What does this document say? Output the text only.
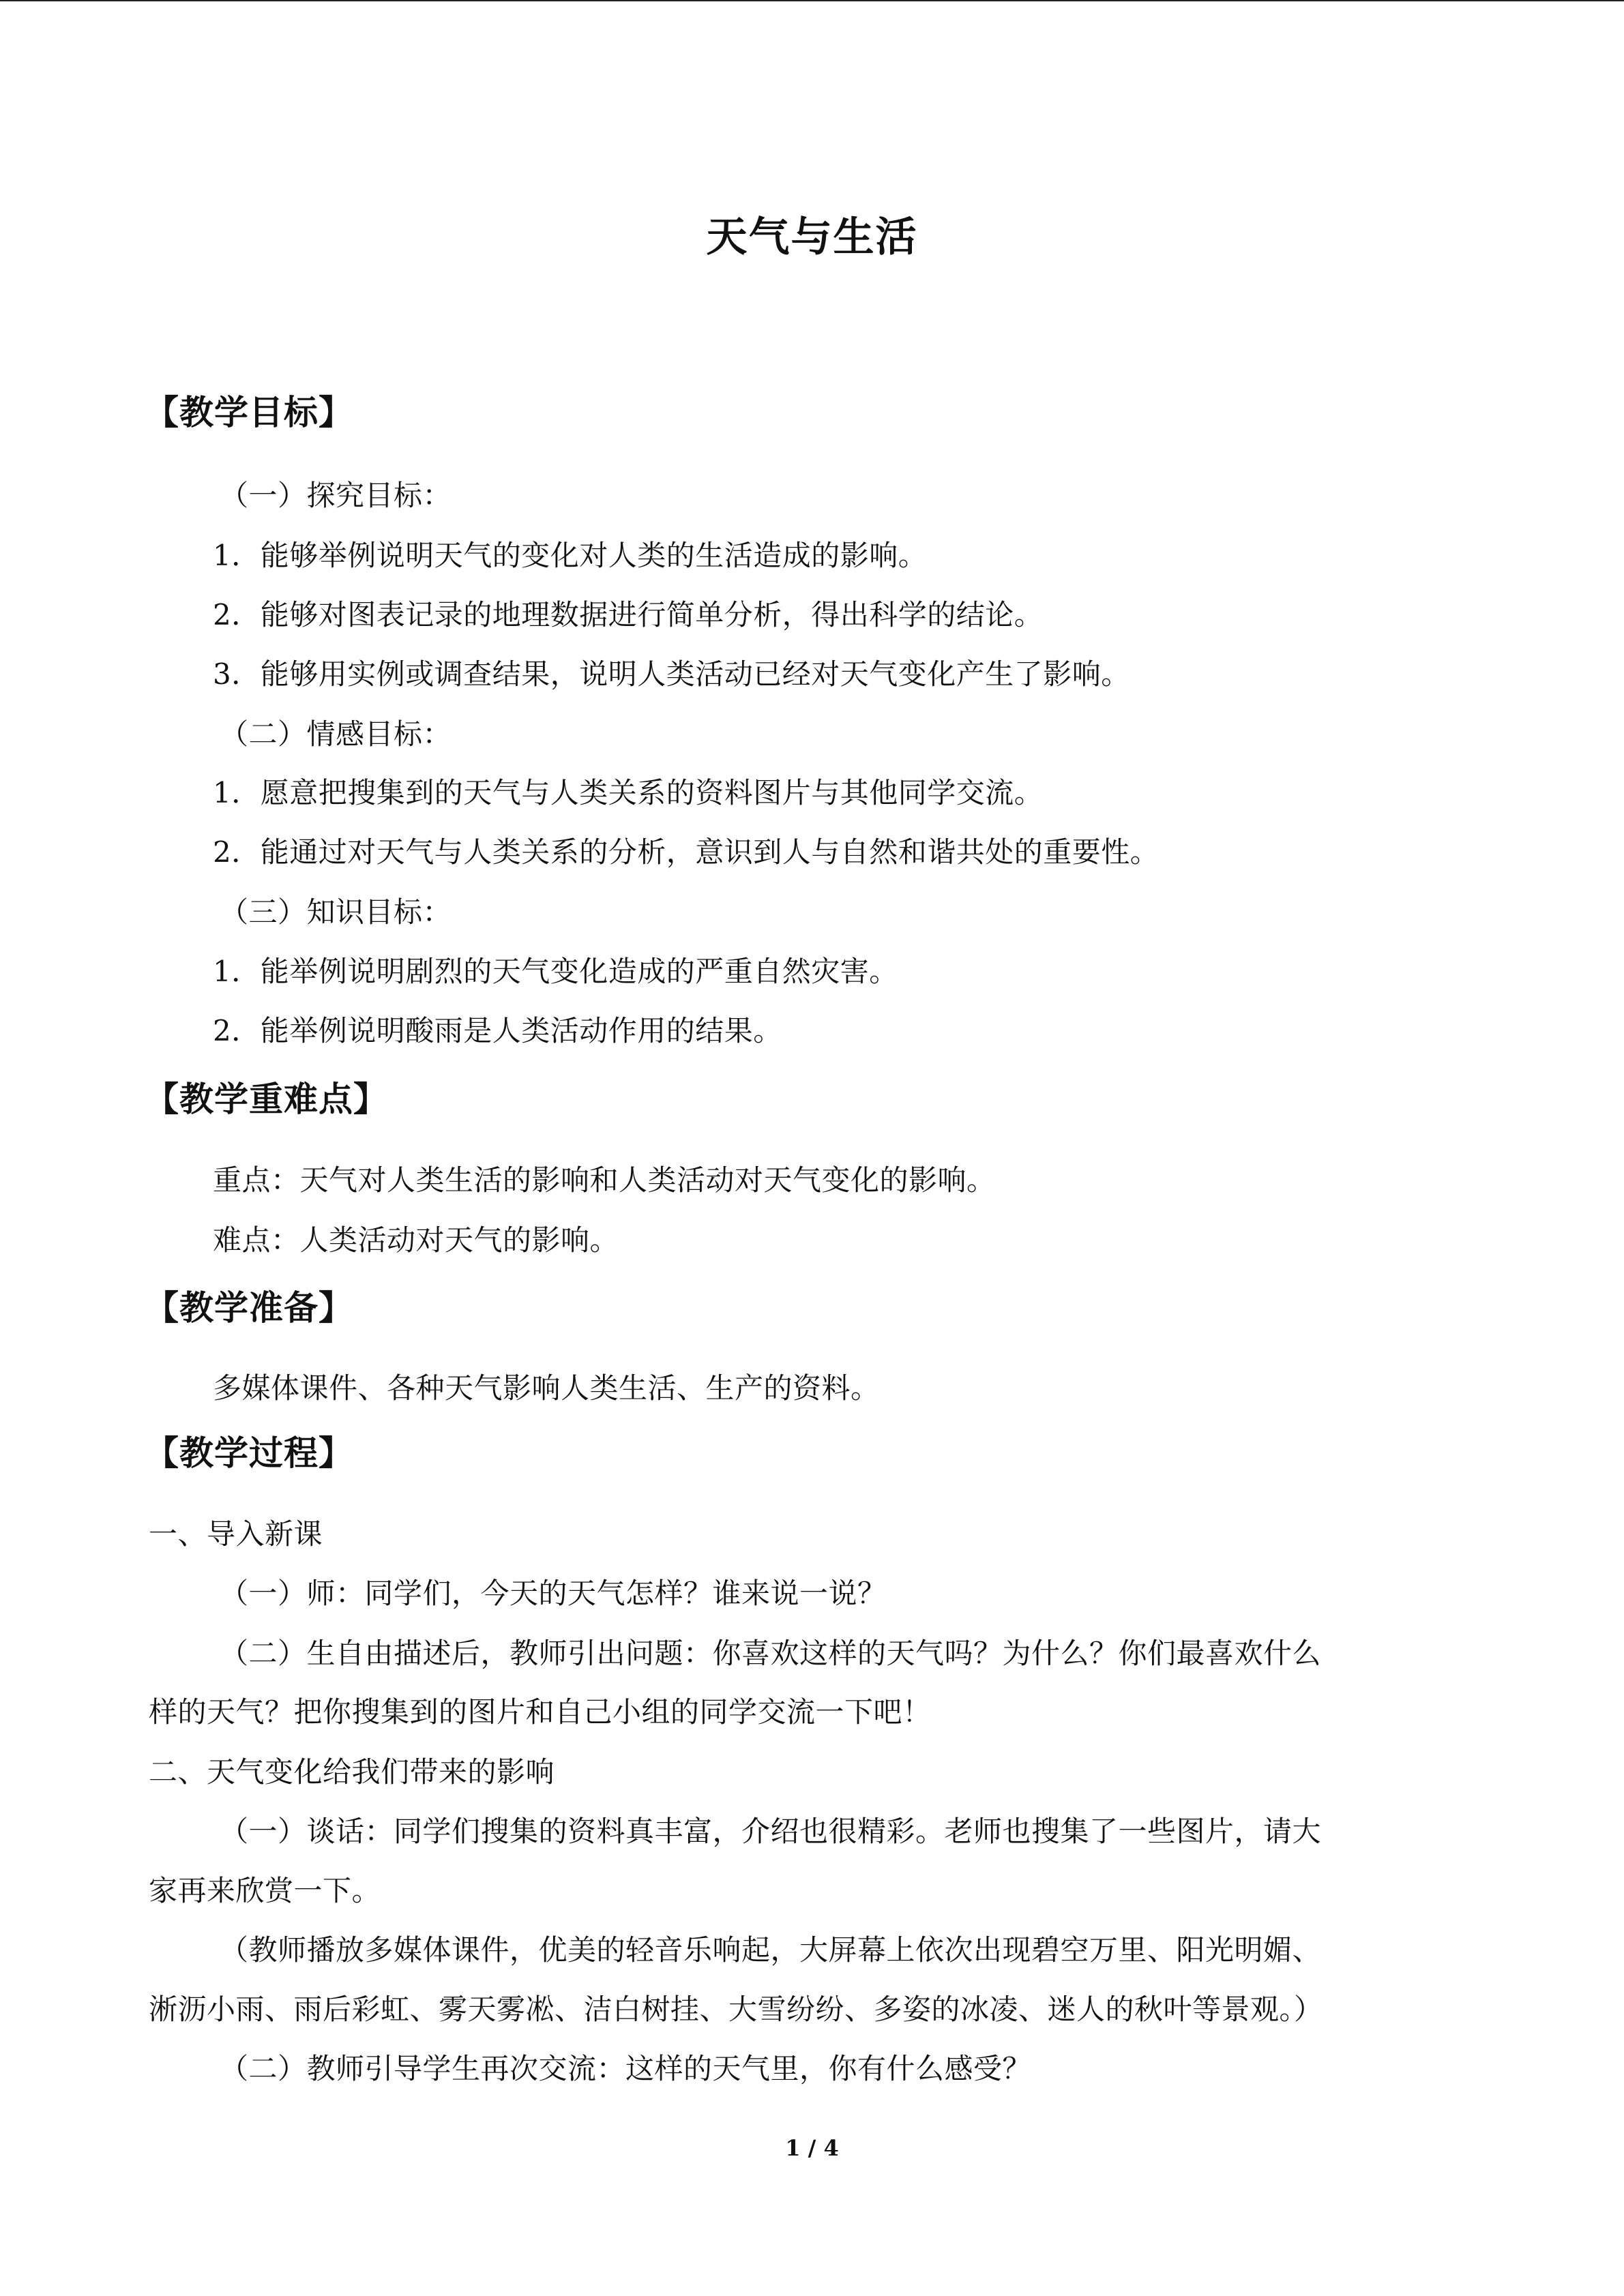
天气与生活
【教学目标】
（一）探究目标：
1．能够举例说明天气的变化对人类的生活造成的影响。
2．能够对图表记录的地理数据进行简单分析，得出科学的结论。
3．能够用实例或调查结果，说明人类活动已经对天气变化产生了影响。
（二）情感目标：
1．愿意把搜集到的天气与人类关系的资料图片与其他同学交流。
2．能通过对天气与人类关系的分析，意识到人与自然和谐共处的重要性。
（三）知识目标：
1．能举例说明剧烈的天气变化造成的严重自然灾害。
2．能举例说明酸雨是人类活动作用的结果。
【教学重难点】
重点：天气对人类生活的影响和人类活动对天气变化的影响。
难点：人类活动对天气的影响。
【教学准备】
多媒体课件、各种天气影响人类生活、生产的资料。
【教学过程】
一、导入新课
（一）师：同学们，今天的天气怎样？谁来说一说？
（二）生自由描述后，教师引出问题：你喜欢这样的天气吗？为什么？你们最喜欢什么
样的天气？把你搜集到的图片和自己小组的同学交流一下吧！
二、天气变化给我们带来的影响
（一）谈话：同学们搜集的资料真丰富，介绍也很精彩。老师也搜集了一些图片，请大
家再来欣赏一下。
（教师播放多媒体课件，优美的轻音乐响起，大屏幕上依次出现碧空万里、阳光明媚、
淅沥小雨、雨后彩虹、雾天雾凇、洁白树挂、大雪纷纷、多姿的冰凌、迷人的秋叶等景观。）
（二）教师引导学生再次交流：这样的天气里，你有什么感受？
1 / 4
